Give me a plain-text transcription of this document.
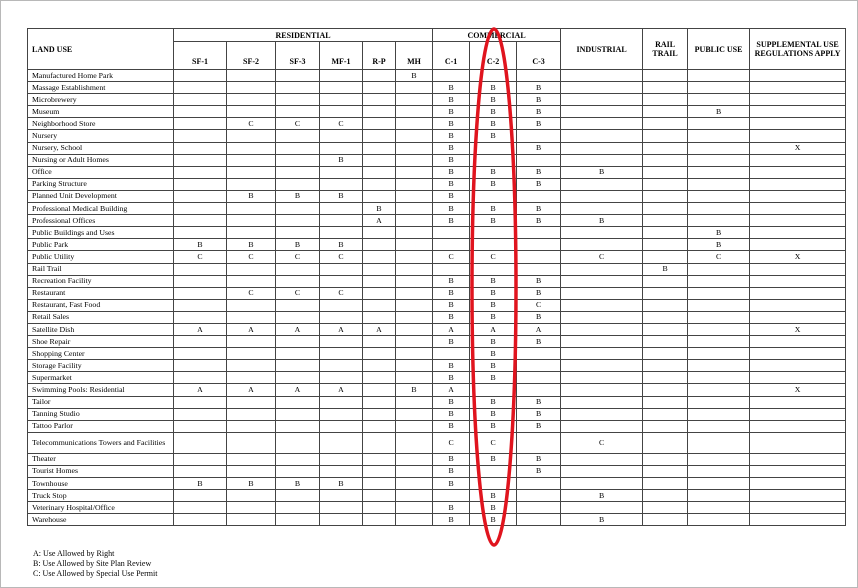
LAND USE	RESIDENTIAL						COMMERCIAL			INDUSTRIAL	RAIL TRAIL	PUBLIC USE	SUPPLEMENTAL USE REGULATIONS APPLY
	SF-1	SF-2	SF-3	MF-1	R-P	MH	C-1	C-2	C-3				
Manufactured Home Park						B							
Massage Establishment							B	B	B				
Microbrewery							B	B	B				
Museum							B	B	B			B	
Neighborhood Store		C	C	C			B	B	B				
Nursery							B	B					
Nursery, School							B		B				X
Nursing or Adult Homes				B			B						
Office							B	B	B	B			
Parking Structure							B	B	B				
Planned Unit Development		B	B	B			B						
Professional Medical Building					B		B	B	B				
Professional Offices					A		B	B	B	B			
Public Buildings and Uses												B	
Public Park	B	B	B	B								B	
Public Utility	C	C	C	C			C	C		C		C	X
Rail Trail											B		
Recreation Facility							B	B	B				
Restaurant		C	C	C			B	B	B				
Restaurant, Fast Food							B	B	C				
Retail Sales							B	B	B				
Satellite Dish	A	A	A	A	A		A	A	A				X
Shoe Repair							B	B	B				
Shopping Center								B					
Storage Facility							B	B					
Supermarket							B	B					
Swimming Pools: Residential	A	A	A	A		B	A						X
Tailor							B	B	B				
Tanning Studio							B	B	B				
Tattoo Parlor							B	B	B				
Telecommunications Towers and Facilities							C	C		C			
Theater							B	B	B				
Tourist Homes							B		B				
Townhouse	B	B	B	B			B						
Truck Stop								B		B			
Veterinary Hospital/Office							B	B					
Warehouse							B	B		B			
A: Use Allowed by Right
B: Use Allowed by Site Plan Review
C: Use Allowed by Special Use Permit
